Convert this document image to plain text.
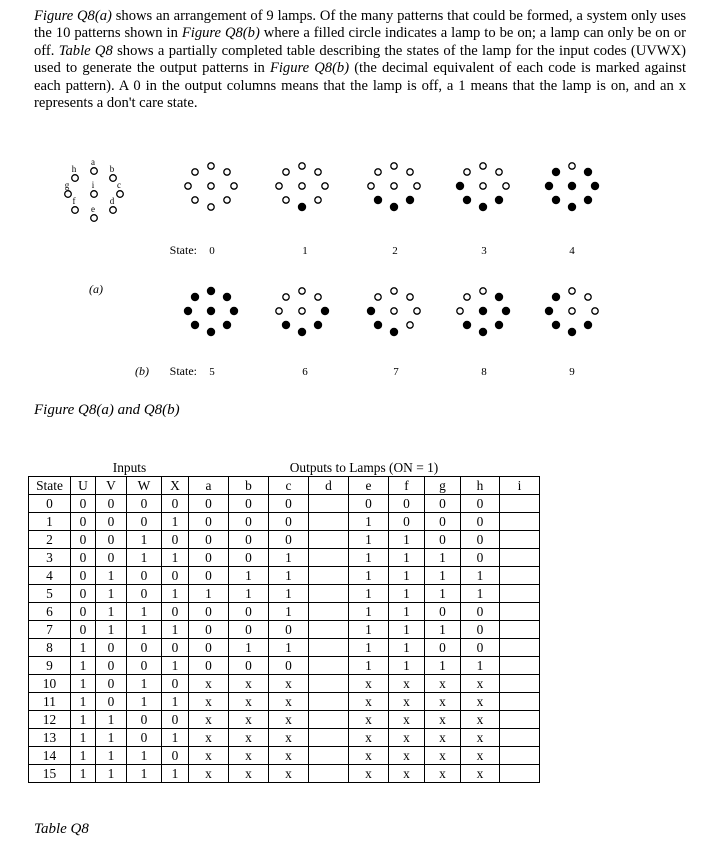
Figure Q8(a) shows an arrangement of 9 lamps. Of the many patterns that could be formed, a system only uses the 10 patterns shown in Figure Q8(b) where a filled circle indicates a lamp to be on; a lamp can only be on or off. Table Q8 shows a partially completed table describing the states of the lamp for the input codes (UVWX) used to generate the output patterns in Figure Q8(b) (the decimal equivalent of each code is marked against each pattern). A 0 in the output columns means that the lamp is off, a 1 means that the lamp is on, and an x represents a don't care state.

a
b
c
d
e
f
g
h
i
(a)
(b)
State: 0	1	2	3	4
State: 5	6	7	8	9
Figure Q8(a) and Q8(b)
	Inputs				Outputs to Lamps (ON = 1)								
State	U	V	W	X	a	b	c	d	e	f	g	h	i
0	0	0	0	0	0	0	0		0	0	0	0	
1	0	0	0	1	0	0	0		1	0	0	0	
2	0	0	1	0	0	0	0		1	1	0	0	
3	0	0	1	1	0	0	1		1	1	1	0	
4	0	1	0	0	0	1	1		1	1	1	1	
5	0	1	0	1	1	1	1		1	1	1	1	
6	0	1	1	0	0	0	1		1	1	0	0	
7	0	1	1	1	0	0	0		1	1	1	0	
8	1	0	0	0	0	1	1		1	1	0	0	
9	1	0	0	1	0	0	0		1	1	1	1	
10	1	0	1	0	x	x	x		x	x	x	x	
11	1	0	1	1	x	x	x		x	x	x	x	
12	1	1	0	0	x	x	x		x	x	x	x	
13	1	1	0	1	x	x	x		x	x	x	x	
14	1	1	1	0	x	x	x		x	x	x	x	
15	1	1	1	1	x	x	x		x	x	x	x	
Table Q8
